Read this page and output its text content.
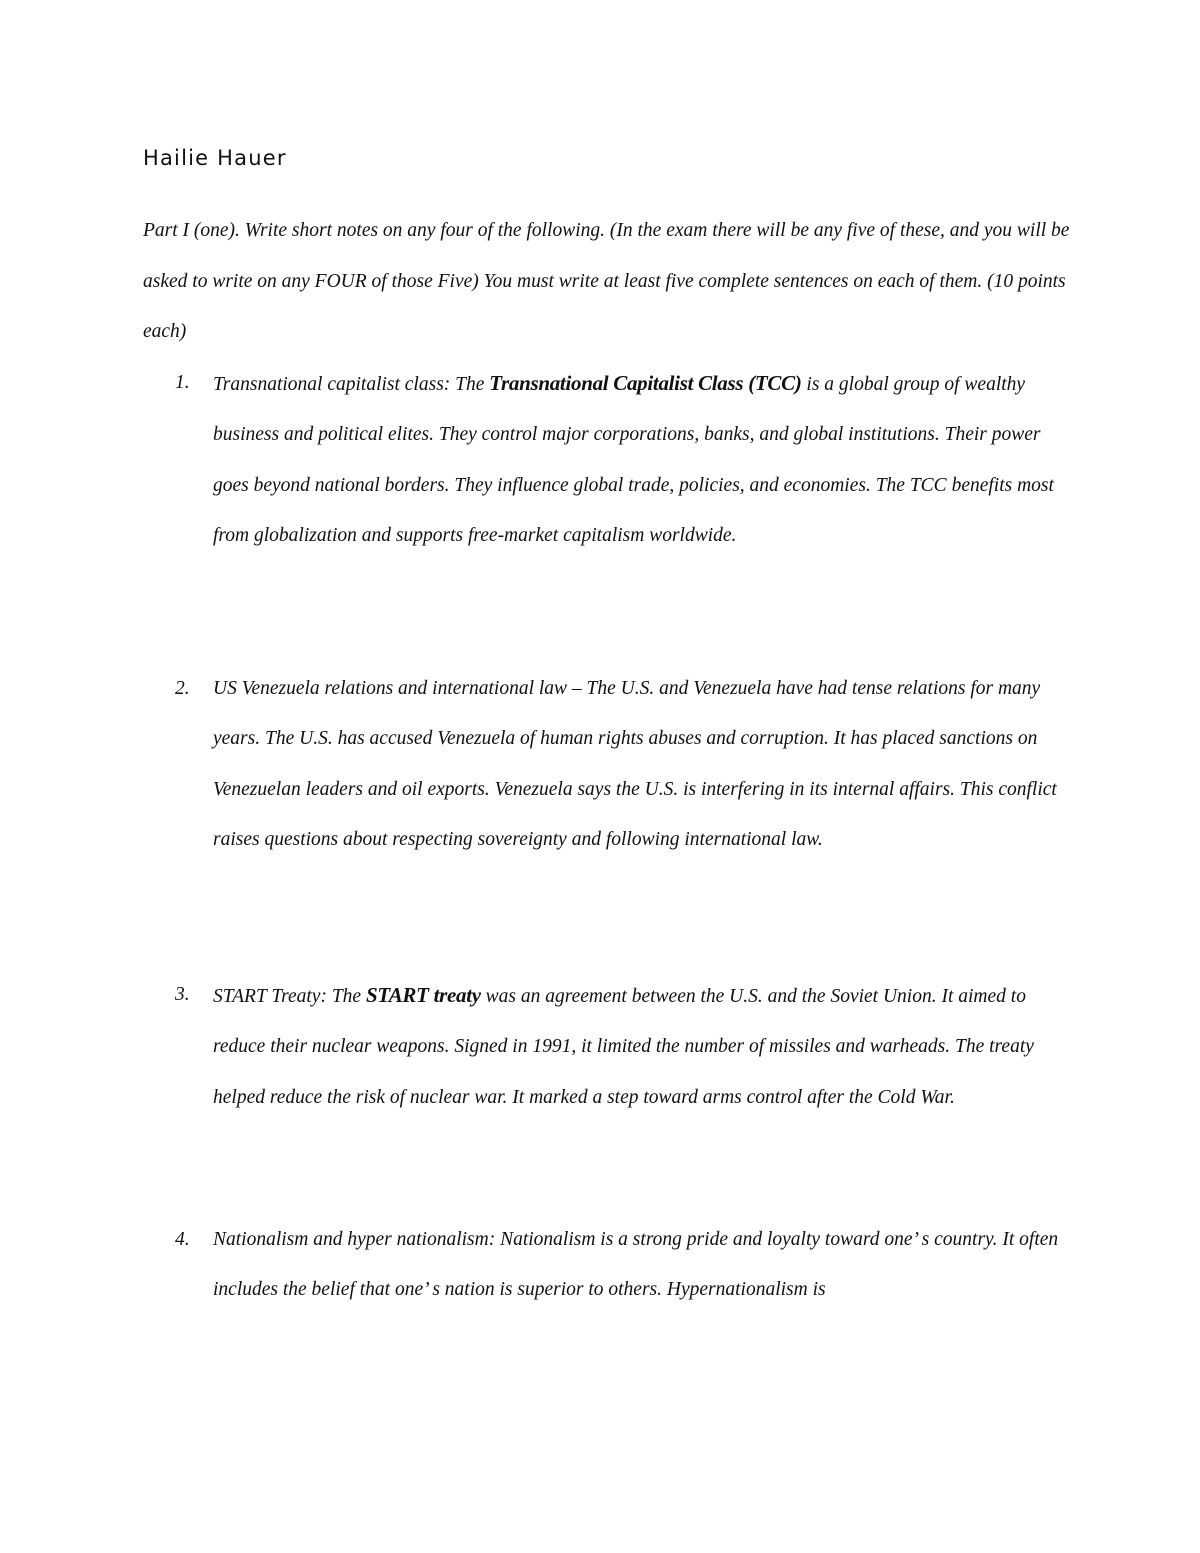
Hailie Hauer

Part I (one). Write short notes on any four of the following. (In the exam there will be any five of these, and you will be asked to write on any FOUR of those Five) You must write at least five complete sentences on each of them. (10 points each)

1.	Transnational capitalist class: The Transnational Capitalist Class (TCC) is a global group of wealthy business and political elites. They control major corporations, banks, and global institutions. Their power goes beyond national borders. They influence global trade, policies, and economies. The TCC benefits most from globalization and supports free-market capitalism worldwide.
2.	US Venezuela relations and international law – The U.S. and Venezuela have had tense relations for many years. The U.S. has accused Venezuela of human rights abuses and corruption. It has placed sanctions on Venezuelan leaders and oil exports. Venezuela says the U.S. is interfering in its internal affairs. This conflict raises questions about respecting sovereignty and following international law.
3.	START Treaty: The START treaty was an agreement between the U.S. and the Soviet Union. It aimed to reduce their nuclear weapons. Signed in 1991, it limited the number of missiles and warheads. The treaty helped reduce the risk of nuclear war. It marked a step toward arms control after the Cold War.
4.	Nationalism and hyper nationalism: Nationalism is a strong pride and loyalty toward one’ s country. It often includes the belief that one’ s nation is superior to others. Hypernationalism is
